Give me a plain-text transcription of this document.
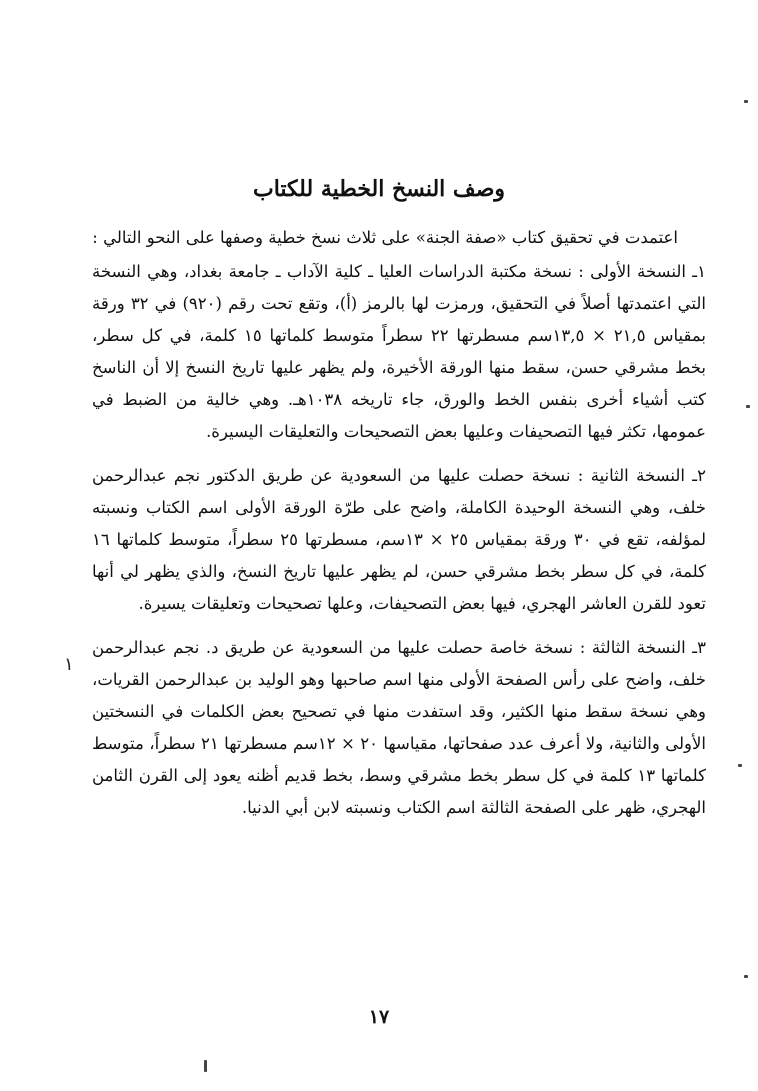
وصف النسخ الخطية للكتاب

اعتمدت في تحقيق كتاب «صفة الجنة» على ثلاث نسخ خطية وصفها على النحو التالي :

١ـ النسخة الأولى : نسخة مكتبة الدراسات العليا ـ كلية الآداب ـ جامعة بغداد، وهي النسخة التي اعتمدتها أصلاً في التحقيق، ورمزت لها بالرمز (أ)، وتقع تحت رقم (٩٢٠) في ٣٢ ورقة بمقياس ٢١,٥ × ١٣,٥سم مسطرتها ٢٢ سطراً متوسط كلماتها ١٥ كلمة، في كل سطر، بخط مشرقي حسن، سقط منها الورقة الأخيرة، ولم يظهر عليها تاريخ النسخ إلا أن الناسخ كتب أشياء أخرى بنفس الخط والورق، جاء تاريخه ١٠٣٨هـ. وهي خالية من الضبط في عمومها، تكثر فيها التصحيفات وعليها بعض التصحيحات والتعليقات اليسيرة.

٢ـ النسخة الثانية : نسخة حصلت عليها من السعودية عن طريق الدكتور نجم عبدالرحمن خلف، وهي النسخة الوحيدة الكاملة، واضح على طرّة الورقة الأولى اسم الكتاب ونسبته لمؤلفه، تقع في ٣٠ ورقة بمقياس ٢٥ × ١٣سم، مسطرتها ٢٥ سطراً، متوسط كلماتها ١٦ كلمة، في كل سطر بخط مشرقي حسن، لم يظهر عليها تاريخ النسخ، والذي يظهر لي أنها تعود للقرن العاشر الهجري، فيها بعض التصحيفات، وعلها تصحيحات وتعليقات يسيرة.

٣ـ النسخة الثالثة : نسخة خاصة حصلت عليها من السعودية عن طريق د. نجم عبدالرحمن خلف، واضح على رأس الصفحة الأولى منها اسم صاحبها وهو الوليد بن عبدالرحمن القريات، وهي نسخة سقط منها الكثير، وقد استفدت منها في تصحيح بعض الكلمات في النسختين الأولى والثانية، ولا أعرف عدد صفحاتها، مقياسها ٢٠ × ١٢سم مسطرتها ٢١ سطراً، متوسط كلماتها ١٣ كلمة في كل سطر بخط مشرقي وسط، بخط قديم أظنه يعود إلى القرن الثامن الهجري، ظهر على الصفحة الثالثة اسم الكتاب ونسبته لابن أبي الدنيا.

١
١٧
